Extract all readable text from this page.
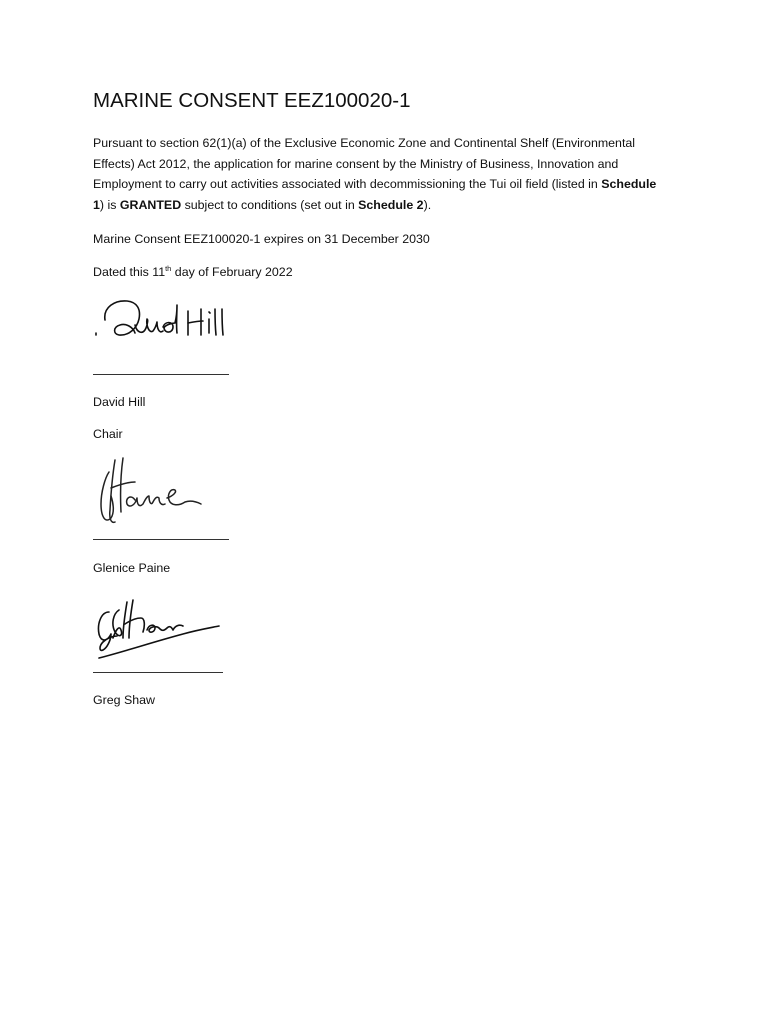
MARINE CONSENT EEZ100020-1

Pursuant to section 62(1)(a) of the Exclusive Economic Zone and Continental Shelf (Environmental Effects) Act 2012, the application for marine consent by the Ministry of Business, Innovation and Employment to carry out activities associated with decommissioning the Tui oil field (listed in Schedule 1) is GRANTED subject to conditions (set out in Schedule 2).

Marine Consent EEZ100020-1 expires on 31 December 2030

Dated this 11th day of February 2022

David Hill

Chair

Glenice Paine

Greg Shaw
